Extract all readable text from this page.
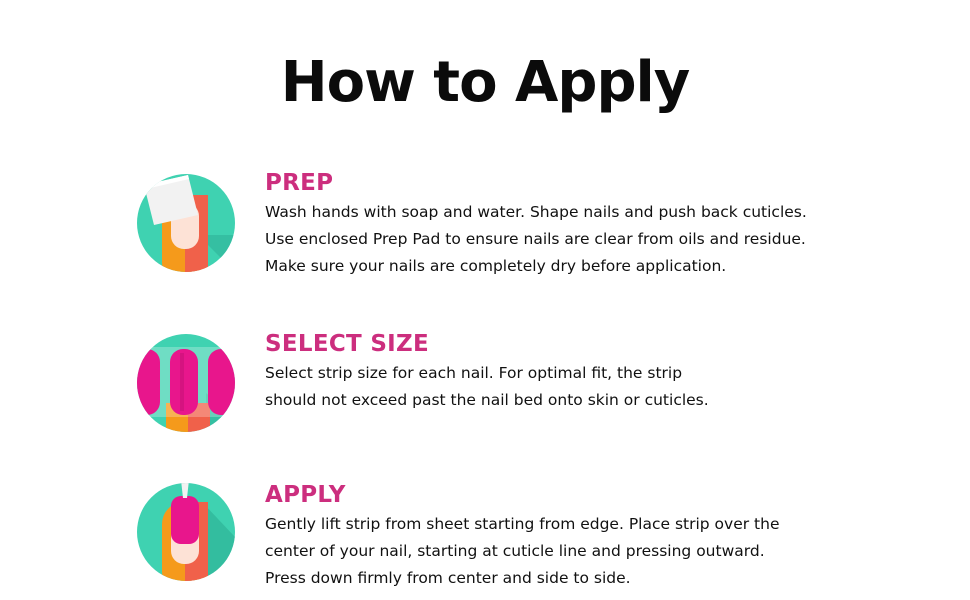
How to Apply
PREP
Wash hands with soap and water. Shape nails and push back cuticles.
Use enclosed Prep Pad to ensure nails are clear from oils and residue.
Make sure your nails are completely dry before application.
SELECT SIZE
Select strip size for each nail. For optimal fit, the strip
should not exceed past the nail bed onto skin or cuticles.
APPLY
Gently lift strip from sheet starting from edge. Place strip over the
center of your nail, starting at cuticle line and pressing outward.
Press down firmly from center and side to side.
